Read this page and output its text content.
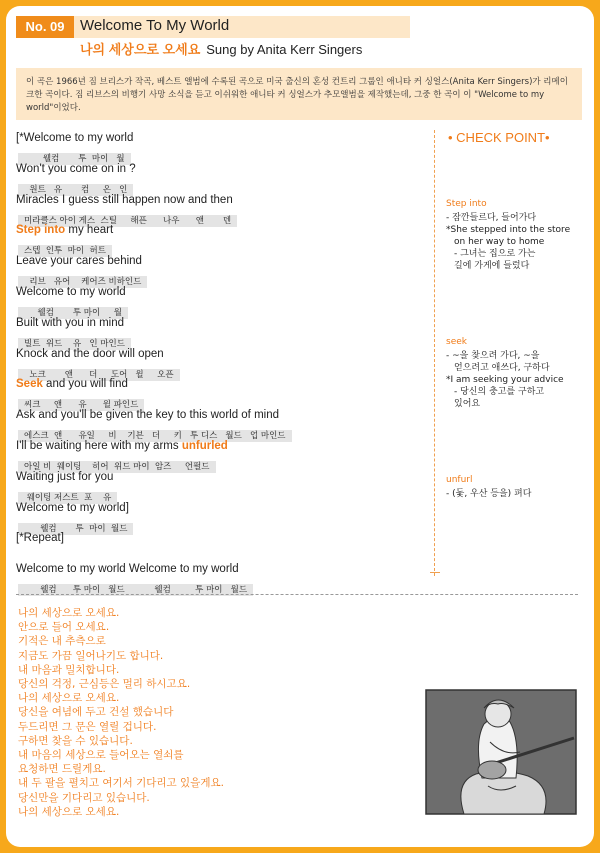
No. 09	Welcome To My World
나의 세상으로 오세요 Sung by Anita Kerr Singers
이 곡은 1966년 짐 브리스가 작곡, 베스트 앨범에 수록된 곡으로 미국 출신의 혼성 컨트리 그룹인 애니타 커 싱얼스(Anita Kerr Singers)가 리메이크한 곡이다. 짐 리브스의 비행기 사망 소식을 듣고 이쉬워한 애니타 커 싱얼스가 추모앨범을 제작했는데, 그중 한 곡이 이 "Welcome to my world"이었다.
[*Welcome to my world
웰컴       투  마이   월
Won't you come on in ?
원트   유       컴     온   인
Miracles I guess still happen now and then
미라클스 아이 게스  스틸     해픈      나우      앤       덴
Step into my heart
스텝  인투  마이  허트
Leave your cares behind
리브   유어    케어즈 비하인드
Welcome to my world
웰컴       투 마이     월
Built with you in mind
빌트  위드    유   인 마인드
Knock and the door will open
노크       앤      더     도어   윌     오픈
Seek and you will find
씨크     앤      유      윌 파인드
Ask and you'll be given the key to this world of mind
에스크  앤      유일     비    기븐   더     키   투 디스   월드   업 마인드
I'll be waiting here with my arms unfurled
아일 비  웨이팅    히어  위드 마이  암즈     언펄드
Waiting just for you
웨이팅 저스트  포    유
Welcome to my world]
웰컴       투  마이  월드
[*Repeat]
Welcome to my world Welcome to my world
웰컴      투 마이   월드           웰컴         투 마이   월드
• CHECK POINT•
Step into
- 잠깐들르다, 들어가다
*She stepped into the store
on her way to home
- 그녀는 집으로 가는
길에 가게에 들렀다
seek
- ~을 찾으려 가다, ~을
얻으려고 애쓰다, 구하다
*I am seeking your advice
- 당신의 충고를 구하고
있어요
unfurl
- (돛, 우산 등을) 펴다
나의 세상으로 오세요.
안으로 들어 오세요.
기적은 내 추측으로
지금도 가끔 일어나기도 합니다.
내 마음과 밀치합니다.
당신의 걱정, 근심등은 멀리 하시고요.
나의 세상으로 오세요.
당신을 여념에 두고 건설 했습니다
두드리면 그 문은 열릴 겁니다.
구하면 찾을 수 있습니다.
내 마음의 세상으로 들어오는 열쇠를
요청하면 드릴게요.
내 두 팔을 펼치고 여기서 기다리고 있을게요.
당신만을 기다리고 있습니다.
나의 세상으로 오세요.
